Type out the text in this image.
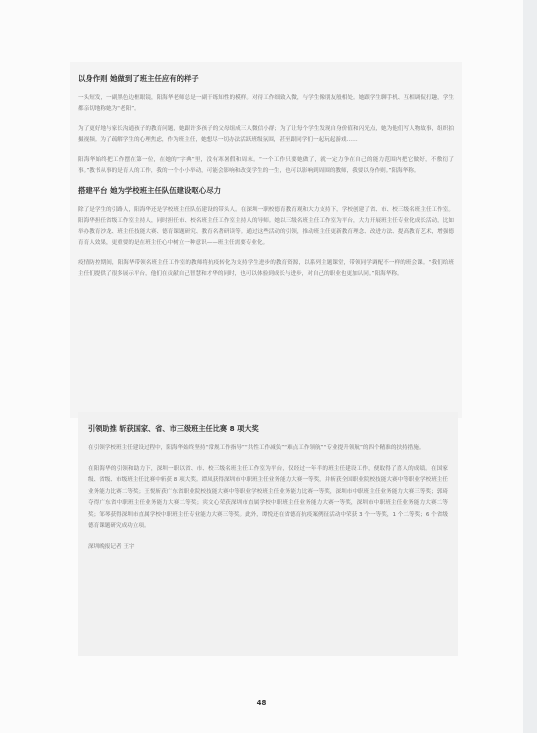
以身作则 她做到了班主任应有的样子

一头短发，一副黑色边框眼镜，阳海华老师总是一副干练知性的模样。对待工作细致入微，与学生像朋友般相处。她跟学生聊手机、互相调侃打趣，学生都亲切地称她为“老阳”。

为了更好地与家长沟通孩子的教育问题，她跟许多孩子的父母组成三人微信小群；为了让每个学生发现自身价值和闪光点，她为他们写人物故事，组织拍摄视频。为了疏解学生的心理焦虑，作为班主任，她想尽一切办法活跃班级氛围，甚至跟同学们一起玩起游戏……

阳海华始终把工作摆在第一位，在她的“字典”里，没有寒暑假和周末。“一个工作只要她做了，就一定力争在自己的能力范围内把它做好，不敷衍了事。”教书从事的是育人的工作，我的一个小小举动，可能会影响和改变学生的一生，也可以影响到周围的教师，我要以身作则。”阳海华称。

搭建平台 她为学校班主任队伍建设呕心尽力

除了是学生的引路人，阳海华还是学校班主任队伍建设的带头人。在深圳一职校德育教育观和大力支持下，学校创建了省、市、校三级名班主任工作室。阳海华担任省级工作室主持人，同时担任市、校名班主任工作室主持人的导师。她以三级名班主任工作室为平台，大力开展班主任专业化成长活动，比如举办教育沙龙、班主任技能大赛、德育课题研究、教育名著研读等。通过这些活动的引领，推动班主任更新教育理念、改进方法、提高教育艺术，增强德育育人效果，更重要的是在班主任心中树立一种意识——班主任需要专业化。

疫情防控期间，阳海华带领名班主任工作室的教师将抗疫转化为支持学生进步的教育资源，以系列主题课堂，带领同学调配不一样的班会课。“我们给班主任们提供了很多展示平台，他们在贡献自己智慧和才华的同时，也可以体验到成长与进步，对自己的职业也更加认同。”阳海华称。

引领助推 斩获国家、省、市三级班主任比赛 8 项大奖

在引领学校班主任建设过程中，阳海华始终坚持“常规工作指导”“共性工作减负”“难点工作领航”“专业提升领航”的四个精准的扶持措施。

在阳海华的引领和助力下，深圳一职以省、市、校三级名班主任工作室为平台，仅经过一年半的班主任建设工作，便取得了喜人的成绩。在国家级、省级、市级班主任比赛中斩获 8 项大奖。谭凤获得深圳市中职班主任业务能力大赛一等奖，并斩获全国职业院校技能大赛中等职业学校班主任业务能力比赛二等奖；王悦斩获广东省职业院校技能大赛中等职业学校班主任业务能力比赛一等奖，深圳市中职班主任业务能力大赛三等奖；郭琦夺得广东省中职班主任业务能力大赛二等奖；宾文心荣获深圳市直属学校中职班主任业务能力大赛一等奖，深圳市中职班主任业务能力大赛二等奖；邹琴获得深圳市直属学校中职班主任专业能力大赛三等奖。此外，谭悦还在省德育抗疫案例征活动中荣获 3 个一等奖，1 个二等奖；6 个省级德育课题研究成功立项。

深圳晚报记者 王宇
48
